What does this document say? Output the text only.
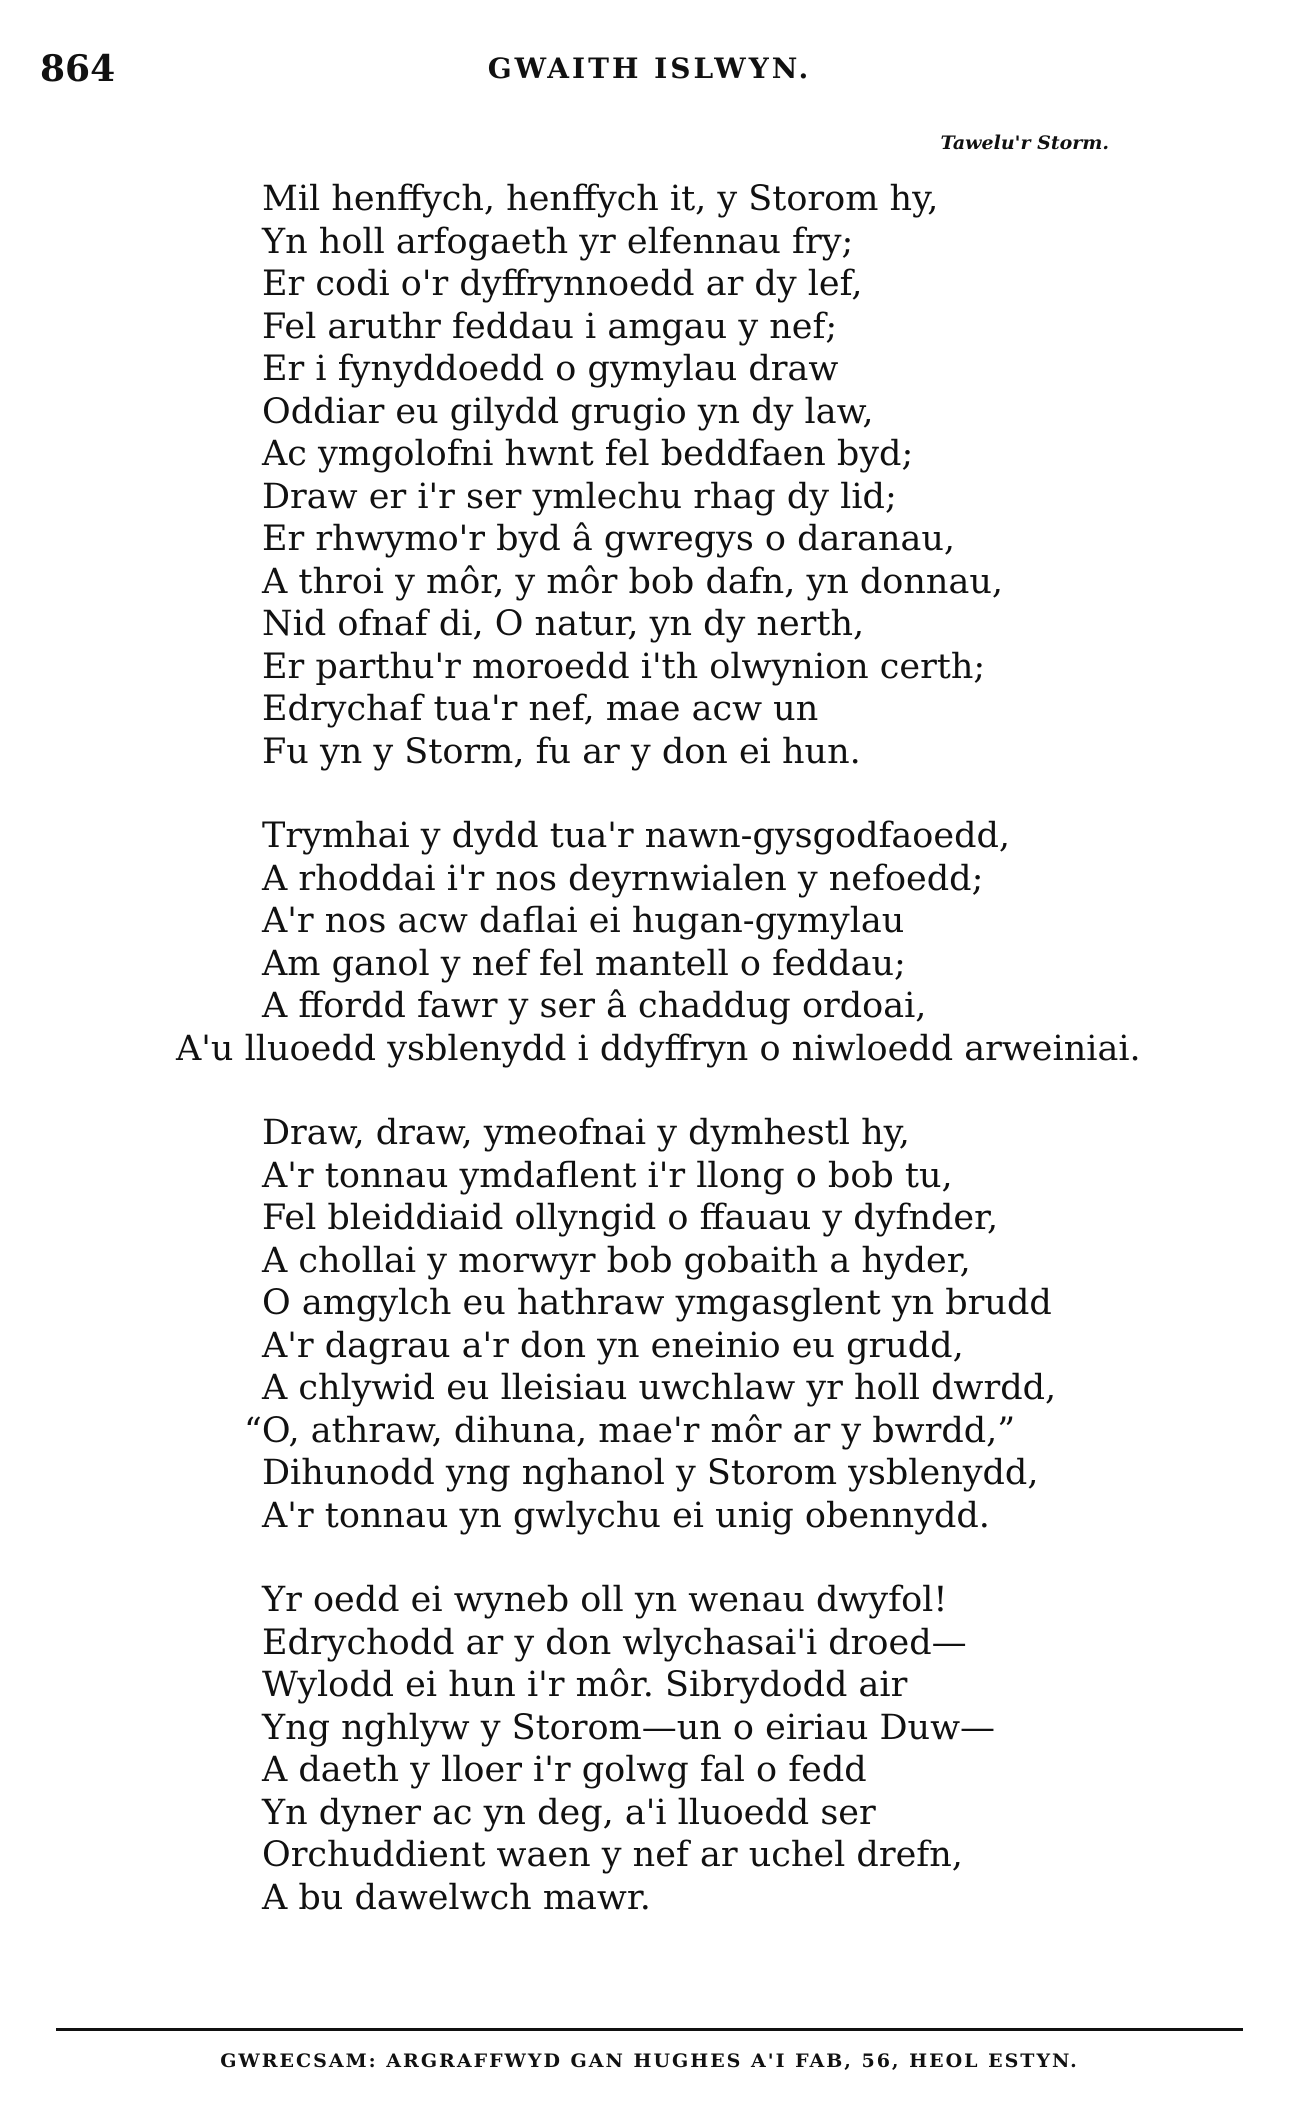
864	GWAITH ISLWYN.
Tawelu'r Storm.
Mil henffych, henffych it, y Storom hy,
Yn holl arfogaeth yr elfennau fry;
Er codi o'r dyffrynnoedd ar dy lef,
Fel aruthr feddau i amgau y nef;
Er i fynyddoedd o gymylau draw
Oddiar eu gilydd grugio yn dy law,
Ac ymgolofni hwnt fel beddfaen byd;
Draw er i'r ser ymlechu rhag dy lid;
Er rhwymo'r byd â gwregys o daranau,
A throi y môr, y môr bob dafn, yn donnau,
Nid ofnaf di, O natur, yn dy nerth,
Er parthu'r moroedd i'th olwynion certh;
Edrychaf tua'r nef, mae acw un
Fu yn y Storm, fu ar y don ei hun.
Trymhai y dydd tua'r nawn-gysgodfaoedd,
A rhoddai i'r nos deyrnwialen y nefoedd;
A'r nos acw daflai ei hugan-gymylau
Am ganol y nef fel mantell o feddau;
A ffordd fawr y ser â chaddug ordoai,
A'u lluoedd ysblenydd i ddyffryn o niwloedd arweiniai.
Draw, draw, ymeofnai y dymhestl hy,
A'r tonnau ymdaflent i'r llong o bob tu,
Fel bleiddiaid ollyngid o ffauau y dyfnder,
A chollai y morwyr bob gobaith a hyder,
O amgylch eu hathraw ymgasglent yn brudd
A'r dagrau a'r don yn eneinio eu grudd,
A chlywid eu lleisiau uwchlaw yr holl dwrdd,
“O, athraw, dihuna, mae'r môr ar y bwrdd,”
Dihunodd yng nghanol y Storom ysblenydd,
A'r tonnau yn gwlychu ei unig obennydd.
Yr oedd ei wyneb oll yn wenau dwyfol!
Edrychodd ar y don wlychasai'i droed—
Wylodd ei hun i'r môr. Sibrydodd air
Yng nghlyw y Storom—un o eiriau Duw—
A daeth y lloer i'r golwg fal o fedd
Yn dyner ac yn deg, a'i lluoedd ser
Orchuddient waen y nef ar uchel drefn,
A bu dawelwch mawr.
GWRECSAM: ARGRAFFWYD GAN HUGHES A'I FAB, 56, HEOL ESTYN.
